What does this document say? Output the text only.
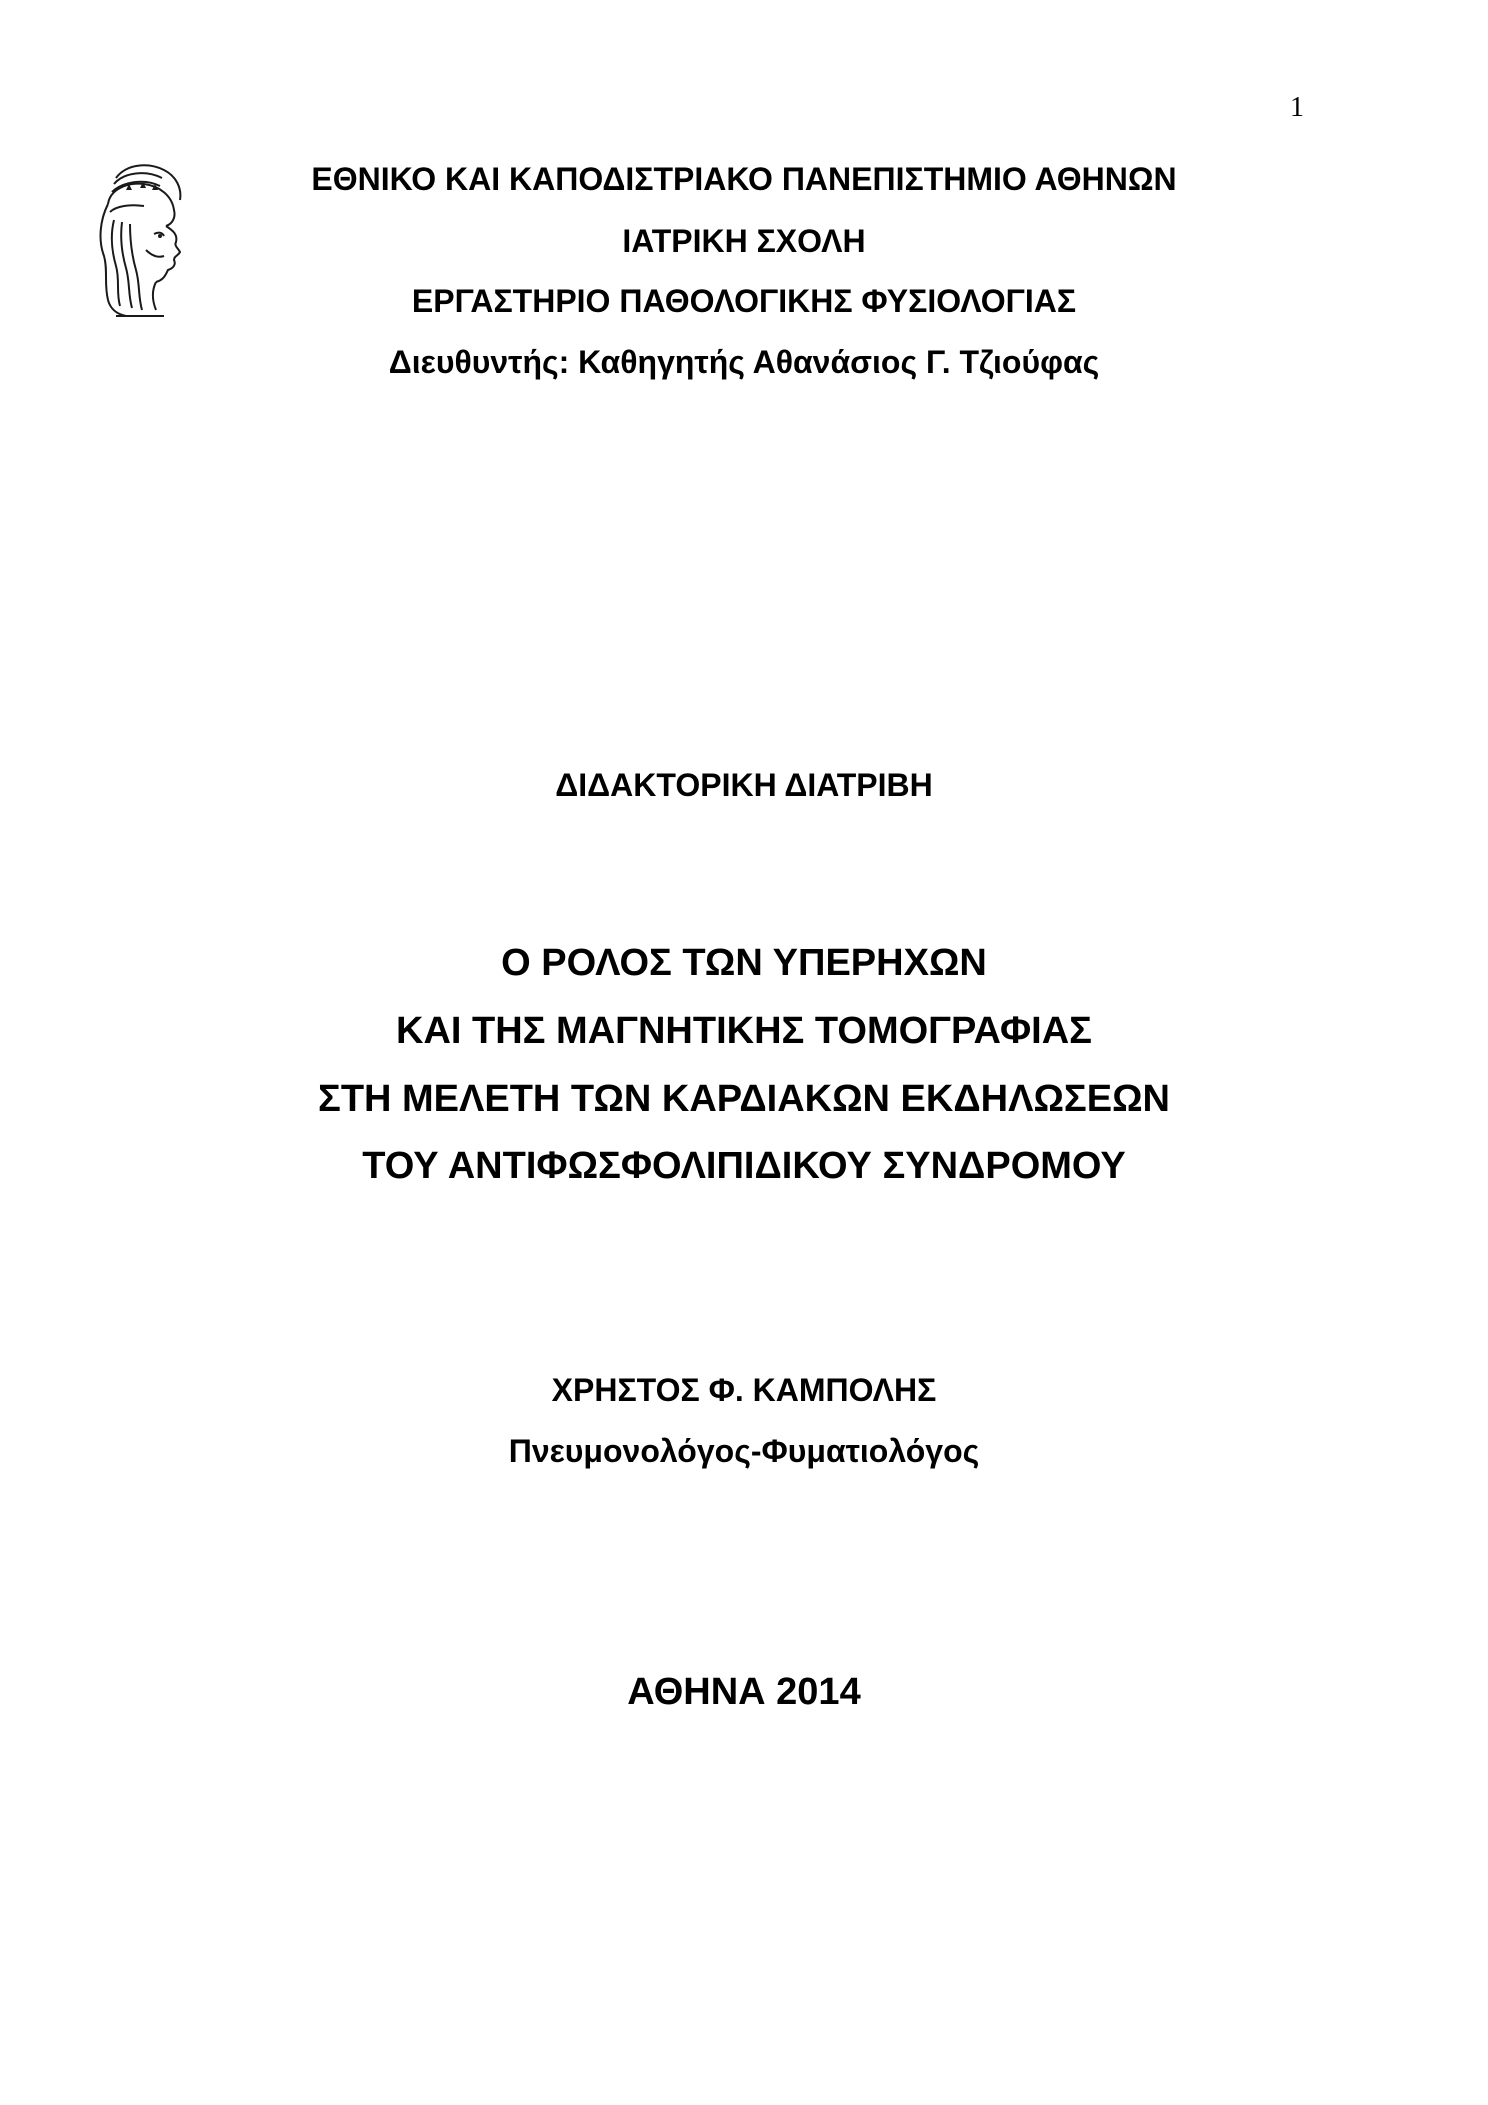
1
ΕΘΝΙΚΟ ΚΑΙ ΚΑΠΟΔΙΣΤΡΙΑΚΟ ΠΑΝΕΠΙΣΤΗΜΙΟ ΑΘΗΝΩΝ
ΙΑΤΡΙΚΗ ΣΧΟΛΗ
ΕΡΓΑΣΤΗΡΙΟ ΠΑΘΟΛΟΓΙΚΗΣ ΦΥΣΙΟΛΟΓΙΑΣ
Διευθυντής: Καθηγητής Αθανάσιος Γ. Τζιούφας
ΔΙΔΑΚΤΟΡΙΚΗ ΔΙΑΤΡΙΒΗ
Ο ΡΟΛΟΣ ΤΩΝ ΥΠΕΡΗΧΩΝ
ΚΑΙ ΤΗΣ ΜΑΓΝΗΤΙΚΗΣ ΤΟΜΟΓΡΑΦΙΑΣ
ΣΤΗ ΜΕΛΕΤΗ ΤΩΝ ΚΑΡΔΙΑΚΩΝ ΕΚΔΗΛΩΣΕΩΝ
ΤΟΥ ΑΝΤΙΦΩΣΦΟΛΙΠΙΔΙΚΟΥ ΣΥΝΔΡΟΜΟΥ
ΧΡΗΣΤΟΣ Φ. ΚΑΜΠΟΛΗΣ
Πνευμονολόγος-Φυματιολόγος
ΑΘΗΝΑ 2014
